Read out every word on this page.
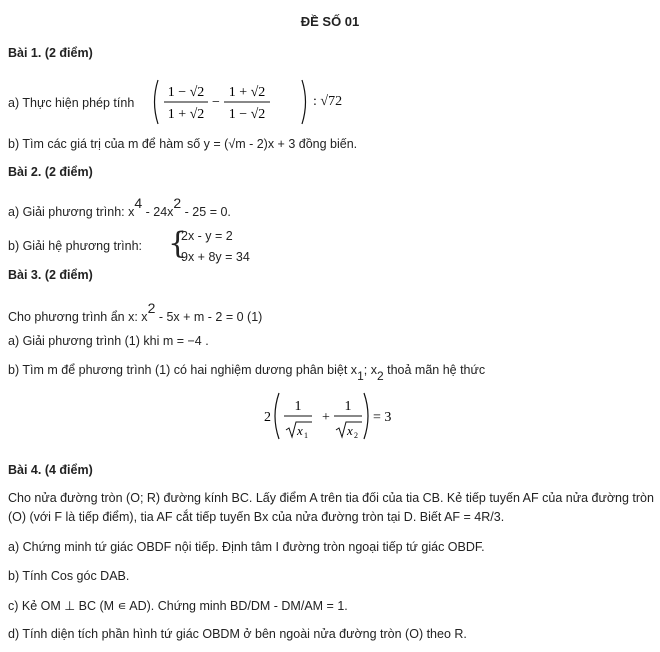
ĐỀ SỐ 01
Bài 1. (2 điểm)
a) Thực hiện phép tính
1 − √2
1 + √2
−
1 + √2
1 − √2
: √72
b) Tìm các giá trị của m để hàm số y = (√m - 2)x + 3 đồng biến.
Bài 2. (2 điểm)
a) Giải phương trình: $x^4 - 24x^2 - 25 = 0$.
b) Giải hệ phương trình: {
2x - y = 2
9x + 8y = 34
Bài 3. (2 điểm)
Cho phương trình ẩn x: $x^2 - 5x + m - 2 = 0$ (1)
a) Giải phương trình (1) khi m = −4 .
b) Tìm m để phương trình (1) có hai nghiệm dương phân biệt $x_1$; $x_2$ thoả mãn hệ thức
2
1
x 1
+
1
x 2
= 3
Bài 4. (4 điểm)
Cho nửa đường tròn (O; R) đường kính BC. Lấy điểm A trên tia đối của tia CB. Kẻ tiếp tuyến AF của nửa đường tròn (O) (với F là tiếp điểm), tia AF cắt tiếp tuyến Bx của nửa đường tròn tại D. Biết AF = 4R/3.
a) Chứng minh tứ giác OBDF nội tiếp. Định tâm I đường tròn ngoại tiếp tứ giác OBDF.
b) Tính Cos góc DAB.
c) Kẻ OM ⊥ BC (M ∊ AD). Chứng minh BD/DM - DM/AM = 1.
d) Tính diện tích phần hình tứ giác OBDM ở bên ngoài nửa đường tròn (O) theo R.
